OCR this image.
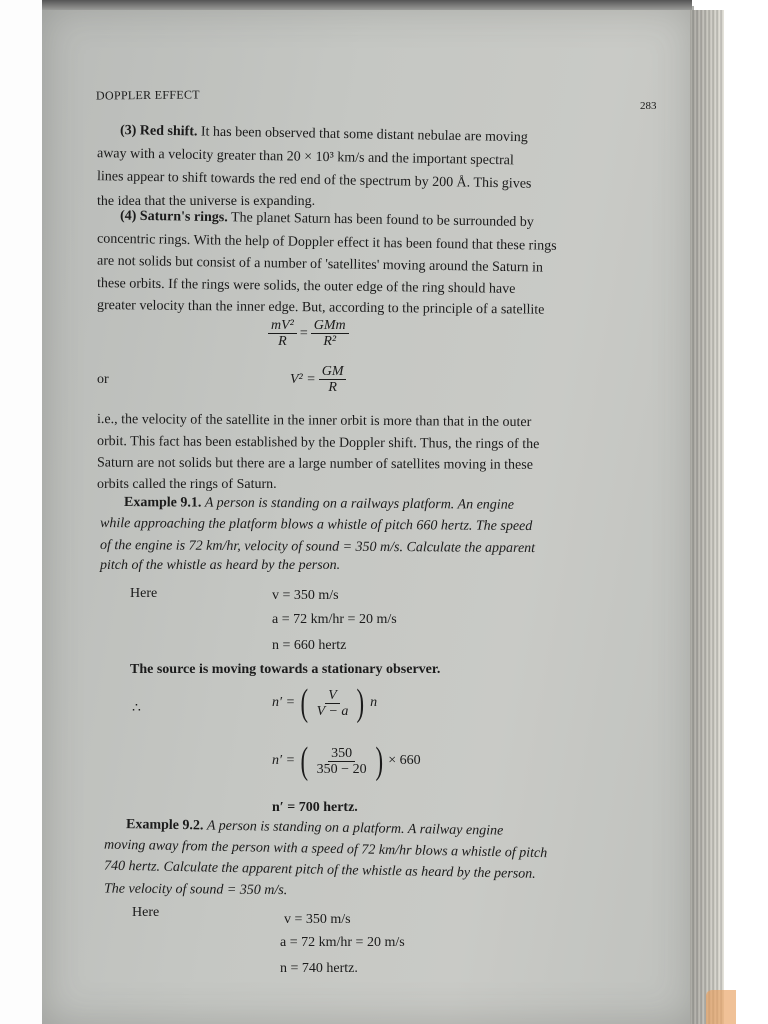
DOPPLER EFFECT
283
(3) Red shift. It has been observed that some distant nebulae are moving
away with a velocity greater than 20 × 10³ km/s and the important spectral
lines appear to shift towards the red end of the spectrum by 200 Å. This gives
the idea that the universe is expanding.
(4) Saturn's rings. The planet Saturn has been found to be surrounded by
concentric rings. With the help of Doppler effect it has been found that these rings
are not solids but consist of a number of 'satellites' moving around the Saturn in
these orbits. If the rings were solids, the outer edge of the ring should have
greater velocity than the inner edge. But, according to the principle of a satellite
$\frac{\text{mV²}}{R} = \frac{\text{GMm}}{\text{R²}}$
or	$V^2 = \frac{GM}{R}$
i.e., the velocity of the satellite in the inner orbit is more than that in the outer
orbit. This fact has been established by the Doppler shift. Thus, the rings of the
Saturn are not solids but there are a large number of satellites moving in these
orbits called the rings of Saturn.
Example 9.1. A person is standing on a railways platform. An engine
while approaching the platform blows a whistle of pitch 660 hertz. The speed
of the engine is 72 km/hr, velocity of sound = 350 m/s. Calculate the apparent
pitch of the whistle as heard by the person.
Here	v = 350 m/s
a = 72 km/hr = 20 m/s
n = 660 hertz
The source is moving towards a stationary observer.
∴	n′ = ( $\frac{V}{V - a}$ ) n
n′ = ( $\frac{350}{350 - 20}$ ) × 660
n′ = 700 hertz.
Example 9.2. A person is standing on a platform. A railway engine
moving away from the person with a speed of 72 km/hr blows a whistle of pitch
740 hertz. Calculate the apparent pitch of the whistle as heard by the person.
The velocity of sound = 350 m/s.
Here	v = 350 m/s
a = 72 km/hr = 20 m/s
n = 740 hertz.
